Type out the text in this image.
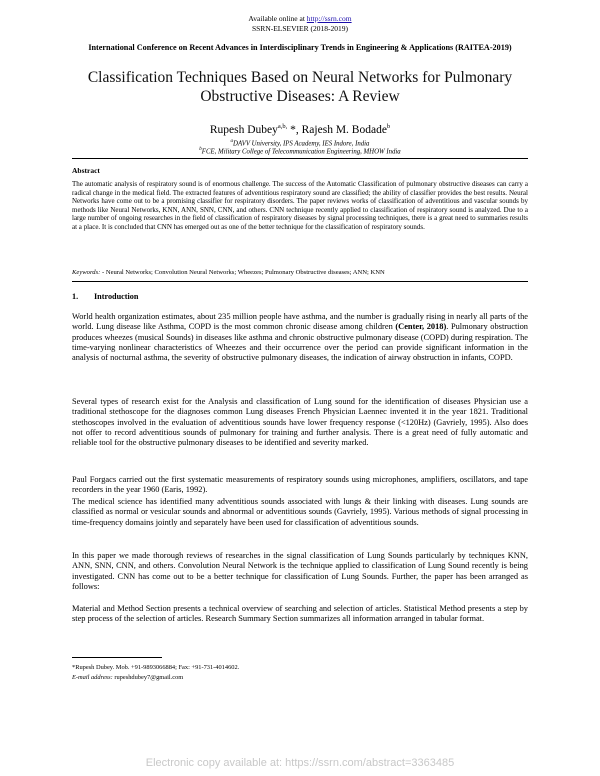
Available online at http://ssrn.com
SSRN-ELSEVIER (2018-2019)
International Conference on Recent Advances in Interdisciplinary Trends in Engineering & Applications (RAITEA-2019)
Classification Techniques Based on Neural Networks for Pulmonary Obstructive Diseases: A Review
Rupesh Dubey$^{a,b,}$ *, Rajesh M. Bodade$^b$
$^a$DAVV University, IPS Academy, IES Indore, India
$^b$FCE, Military College of Telecommunication Engineering, MHOW India
Abstract
The automatic analysis of respiratory sound is of enormous challenge. The success of the Automatic Classification of pulmonary obstructive diseases can carry a radical change in the medical field. The extracted features of adventitious respiratory sound are classified; the ability of classifier provides the best results. Neural Networks have come out to be a promising classifier for respiratory disorders. The paper reviews works of classification of adventitious and vascular sounds by methods like Neural Networks, KNN, ANN, SNN, CNN, and others. CNN technique recently applied to classification of respiratory sound is analyzed. Due to a large number of ongoing researches in the field of classification of respiratory diseases by signal processing techniques, there is a great need to summaries results at a place. It is concluded that CNN has emerged out as one of the better technique for the classification of respiratory sounds.
Keywords: - Neural Networks; Convolution Neural Networks; Wheezes; Pulmonary Obstructive diseases; ANN; KNN
1. Introduction
World health organization estimates, about 235 million people have asthma, and the number is gradually rising in nearly all parts of the world. Lung disease like Asthma, COPD is the most common chronic disease among children (Center, 2018). Pulmonary obstruction produces wheezes (musical Sounds) in diseases like asthma and chronic obstructive pulmonary disease (COPD) during respiration. The time-varying nonlinear characteristics of Wheezes and their occurrence over the period can provide significant information in the analysis of nocturnal asthma, the severity of obstructive pulmonary diseases, the indication of airway obstruction in infants, COPD.
Several types of research exist for the Analysis and classification of Lung sound for the identification of diseases Physician use a traditional stethoscope for the diagnoses common Lung diseases French Physician Laennec invented it in the year 1821. Traditional stethoscopes involved in the evaluation of adventitious sounds have lower frequency response (<120Hz) (Gavriely, 1995). Also does not offer to record adventitious sounds of pulmonary for training and further analysis. There is a great need of fully automatic and reliable tool for the obstructive pulmonary diseases to be identified and severity marked.
Paul Forgacs carried out the first systematic measurements of respiratory sounds using microphones, amplifiers, oscillators, and tape recorders in the year 1960 (Earis, 1992).
The medical science has identified many adventitious sounds associated with lungs & their linking with diseases. Lung sounds are classified as normal or vesicular sounds and abnormal or adventitious sounds (Gavriely, 1995). Various methods of signal processing in time-frequency domains jointly and separately have been used for classification of adventitious sounds.
In this paper we made thorough reviews of researches in the signal classification of Lung Sounds particularly by techniques KNN, ANN, SNN, CNN, and others. Convolution Neural Network is the technique applied to classification of Lung Sound recently is being investigated. CNN has come out to be a better technique for classification of Lung Sounds. Further, the paper has been arranged as follows:
Material and Method Section presents a technical overview of searching and selection of articles. Statistical Method presents a step by step process of the selection of articles. Research Summary Section summarizes all information arranged in tabular format.
*Rupesh Dubey. Mob. +91-9893066884; Fax: +91-731-4014602.
E-mail address: rupeshdubey7@gmail.com
Electronic copy available at: https://ssrn.com/abstract=3363485
